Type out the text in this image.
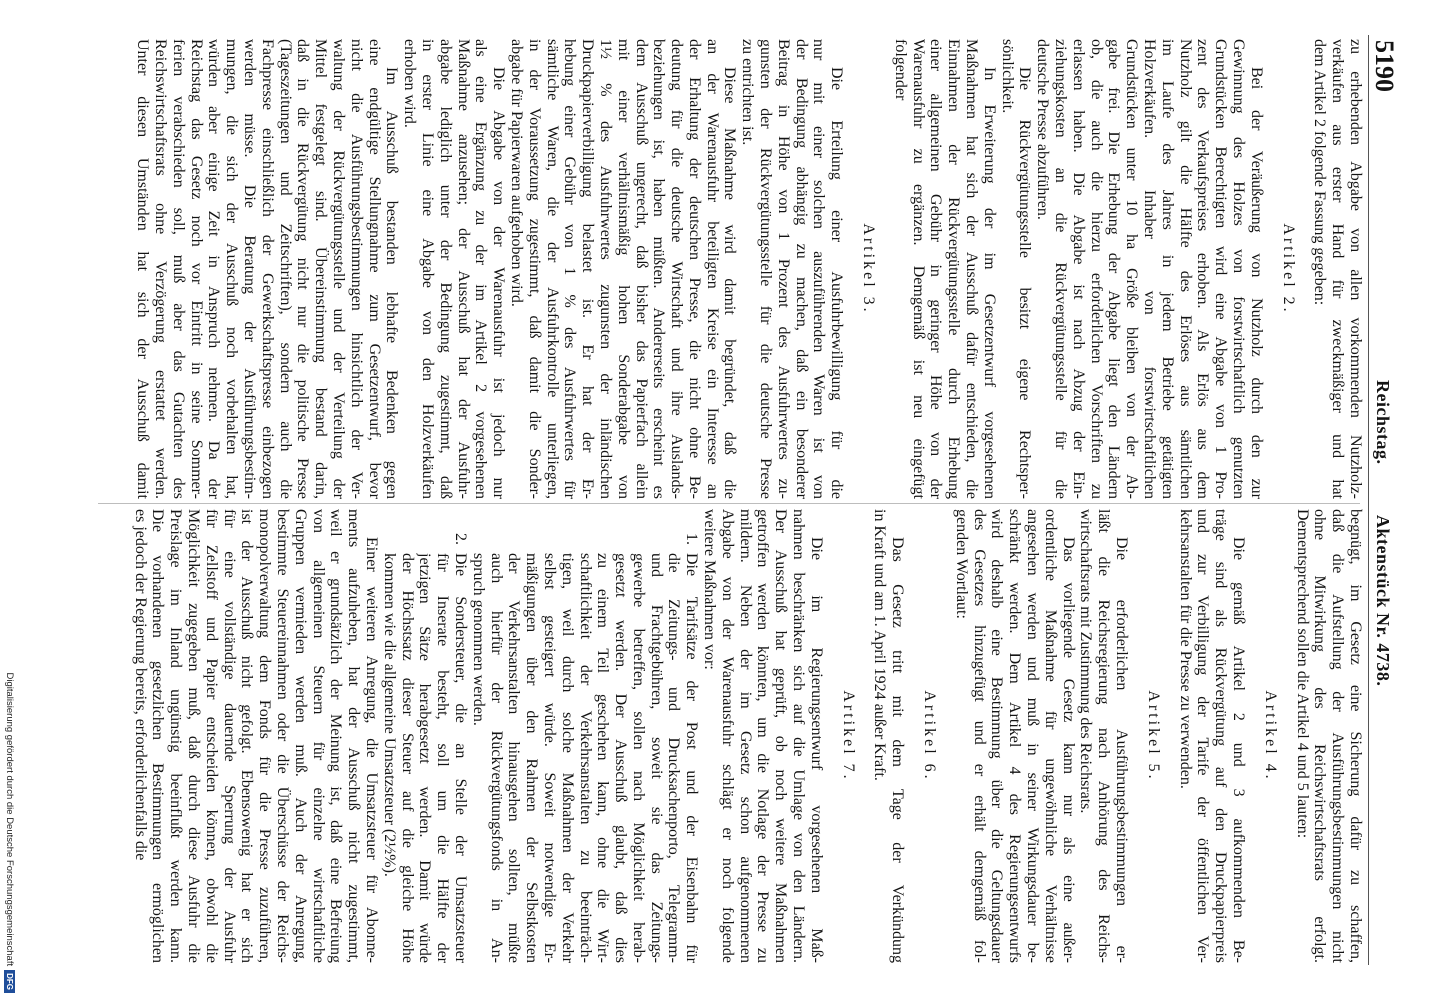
5190
Reichstag.
Aktenstück Nr. 4738.
zu erhebenden Abgabe von allen vorkommenden Nutzholz-
verkäufen aus erster Hand für zweckmäßiger und hat
dem Artikel 2 folgende Fassung gegeben:
Artikel 2.
Bei der Veräußerung von Nutzholz durch den zur
Gewinnung des Holzes von forstwirtschaftlich genutzten
Grundstücken Berechtigten wird eine Abgabe von 1 Pro-
zent des Verkaufspreises erhoben. Als Erlös aus dem
Nutzholz gilt die Hälfte des Erlöses aus sämtlichen
im Laufe des Jahres in jedem Betriebe getätigten
Holzverkäufen. Inhaber von forstwirtschaftlichen
Grundstücken unter 10 ha Größe bleiben von der Ab-
gabe frei. Die Erhebung der Abgabe liegt den Ländern
ob, die auch die hierzu erforderlichen Vorschriften zu
erlassen haben. Die Abgabe ist nach Abzug der Ein-
ziehungskosten an die Rückvergütungsstelle für die
deutsche Presse abzuführen.
Die Rückvergütungsstelle besitzt eigene Rechtsper-
sönlichkeit.
In Erweiterung der im Gesetzentwurf vorgesehenen
Maßnahmen hat sich der Ausschuß dafür entschieden, die
Einnahmen der Rückvergütungsstelle durch Erhebung
einer allgemeinen Gebühr in geringer Höhe von der
Warenausfuhr zu ergänzen. Demgemäß ist neu eingefügt
folgender
Artikel 3.
Die Erteilung einer Ausfuhrbewilligung für die
nur mit einer solchen auszuführenden Waren ist von
der Bedingung abhängig zu machen, daß ein besonderer
Beitrag in Höhe von 1 Prozent des Ausfuhrwertes zu-
gunsten der Rückvergütungsstelle für die deutsche Presse
zu entrichten ist.
Diese Maßnahme wird damit begründet, daß die
an der Warenausfuhr beteiligten Kreise ein Interesse an
der Erhaltung der deutschen Presse, die nicht ohne Be-
deutung für die deutsche Wirtschaft und ihre Auslands-
beziehungen ist, haben müßten. Andererseits erscheint es
dem Ausschuß ungerecht, daß bisher das Papierfach allein
mit einer verhältnismäßig hohen Sonderabgabe von
1½ % des Ausfuhrwertes zugunsten der inländischen
Druckpapierverbilligung belastet ist. Er hat der Er-
hebung einer Gebühr von 1 % des Ausfuhrwertes für
sämtliche Waren, die der Ausfuhrkontrolle unterliegen,
in der Voraussetzung zugestimmt, daß damit die Sonder-
abgabe für Papierwaren aufgehoben wird.
Die Abgabe von der Warenausfuhr ist jedoch nur
als eine Ergänzung zu der im Artikel 2 vorgesehenen
Maßnahme anzusehen; der Ausschuß hat der Ausfuhr-
abgabe lediglich unter der Bedingung zugestimmt, daß
in erster Linie eine Abgabe von den Holzverkäufen
erhoben wird.
Im Ausschuß bestanden lebhafte Bedenken gegen
eine endgültige Stellungnahme zum Gesetzentwurf, bevor
nicht die Ausführungsbestimmungen hinsichtlich der Ver-
waltung der Rückvergütungsstelle und der Verteilung der
Mittel festgelegt sind. Übereinstimmung bestand darin,
daß in die Rückvergütung nicht nur die politische Presse
(Tageszeitungen und Zeitschriften), sondern auch die
Fachpresse einschließlich der Gewerkschaftspresse einbezogen
werden müsse. Die Beratung der Ausführungsbestim-
mungen, die sich der Ausschuß noch vorbehalten hat,
würden aber einige Zeit in Anspruch nehmen. Da der
Reichstag das Gesetz noch vor Eintritt in seine Sommer-
ferien verabschieden soll, muß aber das Gutachten des
Reichswirtschaftsrats ohne Verzögerung erstattet werden.
Unter diesen Umständen hat sich der Ausschuß damit
begnügt, im Gesetz eine Sicherung dafür zu schaffen,
daß die Aufstellung der Ausführungsbestimmungen nicht
ohne Mitwirkung des Reichswirtschaftsrats erfolgt.
Dementsprechend sollen die Artikel 4 und 5 lauten:
Artikel 4.
Die gemäß Artikel 2 und 3 aufkommenden Be-
träge sind als Rückvergütung auf den Druckpapierpreis
und zur Verbilligung der Tarife der öffentlichen Ver-
kehrsanstalten für die Presse zu verwenden.
Artikel 5.
Die erforderlichen Ausführungsbestimmungen er-
läßt die Reichsregierung nach Anhörung des Reichs-
wirtschaftsrats mit Zustimmung des Reichsrats.
Das vorliegende Gesetz kann nur als eine außer-
ordentliche Maßnahme für ungewöhnliche Verhältnisse
angesehen werden und muß in seiner Wirkungsdauer be-
schränkt werden. Dem Artikel 4 des Regierungsentwurfs
wird deshalb eine Bestimmung über die Geltungsdauer
des Gesetzes hinzugefügt und er erhält demgemäß fol-
genden Wortlaut:
Artikel 6.
Das Gesetz tritt mit dem Tage der Verkündung
in Kraft und am 1. April 1924 außer Kraft.
Artikel 7.
Die im Regierungsentwurf vorgesehenen Maß-
nahmen beschränken sich auf die Umlage von den Ländern.
Der Ausschuß hat geprüft, ob noch weitere Maßnahmen
getroffen werden könnten, um die Notlage der Presse zu
mildern. Neben der im Gesetz schon aufgenommenen
Abgabe von der Warenausfuhr schlägt er noch folgende
weitere Maßnahmen vor:
1.
Die Tarifsätze der Post und der Eisenbahn für
die Zeitungs- und Drucksachenporto, Telegramm-
und Frachtgebühren, soweit sie das Zeitungs-
gewerbe betreffen, sollen nach Möglichkeit herab-
gesetzt werden. Der Ausschuß glaubt, daß dies
zu einem Teil geschehen kann, ohne die Wirt-
schaftlichkeit der Verkehrsanstalten zu beeinträch-
tigen, weil durch solche Maßnahmen der Verkehr
selbst gesteigert würde. Soweit notwendige Er-
mäßigungen über den Rahmen der Selbstkosten
der Verkehrsanstalten hinausgehen sollten, müßte
auch hierfür der Rückvergütungsfonds in An-
spruch genommen werden.
2.
Die Sondersteuer, die an Stelle der Umsatzsteuer
für Inserate besteht, soll um die Hälfte der
jetzigen Sätze herabgesetzt werden. Damit würde
der Höchstsatz dieser Steuer auf die gleiche Höhe
kommen wie die allgemeine Umsatzsteuer (2½%).
Einer weiteren Anregung, die Umsatzsteuer für Abonne-
ments aufzuheben, hat der Ausschuß nicht zugestimmt,
weil er grundsätzlich der Meinung ist, daß eine Befreiung
von allgemeinen Steuern für einzelne wirtschaftliche
Gruppen vermieden werden muß. Auch der Anregung,
bestimmte Steuereinnahmen oder die Überschüsse der Reichs-
monopolverwaltung dem Fonds für die Presse zuzuführen,
ist der Ausschuß nicht gefolgt. Ebensowenig hat er sich
für eine vollständige dauernde Sperrung der Ausfuhr
für Zellstoff und Papier entscheiden können, obwohl die
Möglichkeit zugegeben muß, daß durch diese Ausfuhr die
Preislage im Inland ungünstig beeinflußt werden kann.
Die vorhandenen gesetzlichen Bestimmungen ermöglichen
es jedoch der Regierung bereits, erforderlichenfalls die
Digitalisierung gefördert durch die Deutsche Forschungsgemeinschaft
DFG
